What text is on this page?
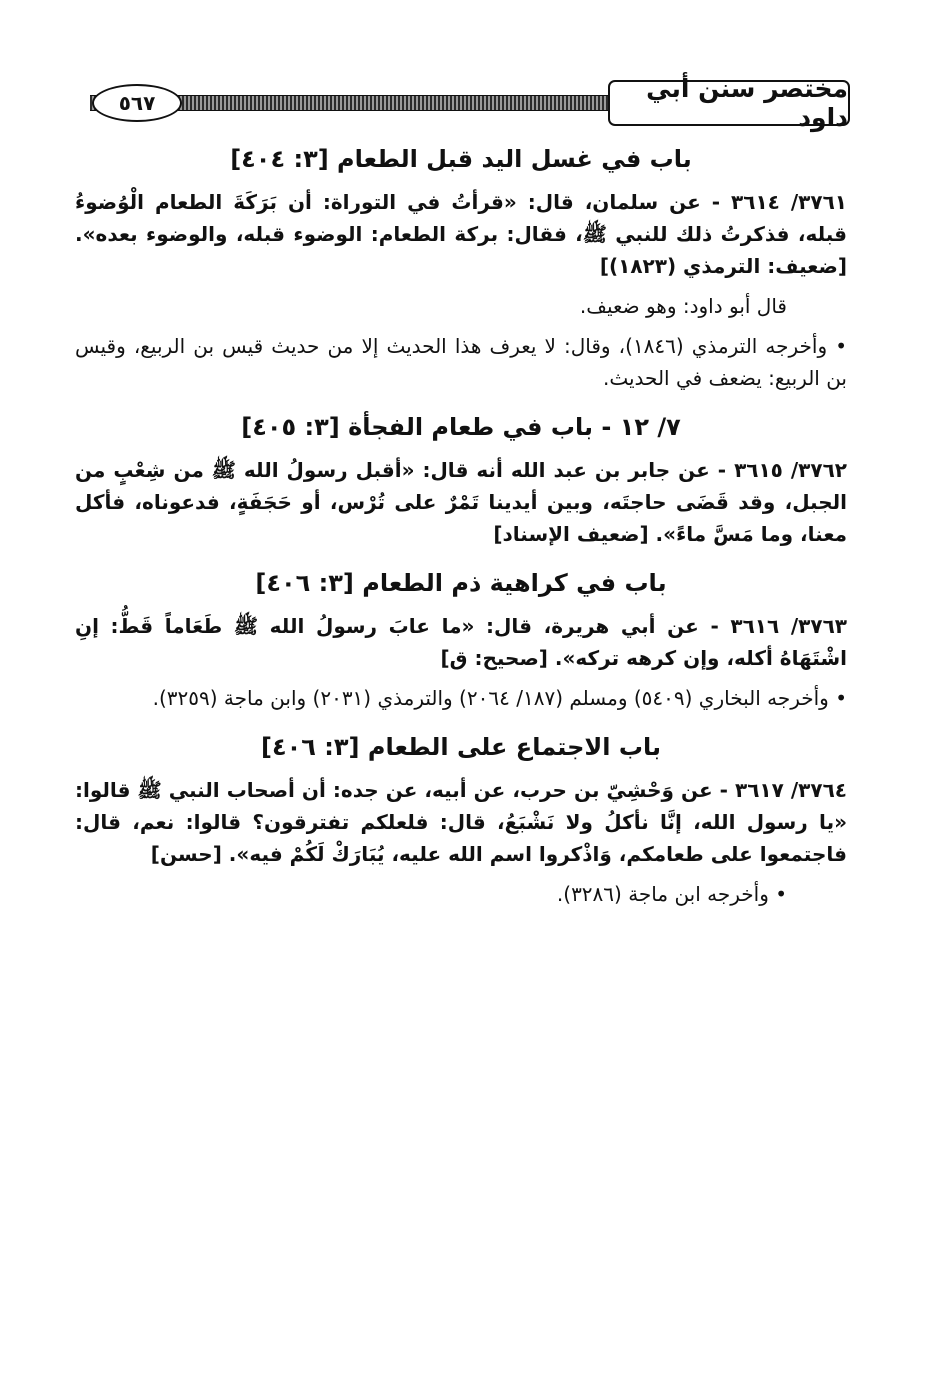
٥٦٧	مختصر سنن أبي داود
باب في غسل اليد قبل الطعام [٣: ٤٠٤]

٣٧٦١/ ٣٦١٤ - عن سلمان، قال: «قرأتُ في التوراة: أن بَرَكَةَ الطعام الْوُضوءُ قبله، فذكرتُ ذلك للنبي ﷺ، فقال: بركة الطعام: الوضوء قبله، والوضوء بعده». [ضعيف: الترمذي (١٨٢٣)]

قال أبو داود: وهو ضعيف.

• وأخرجه الترمذي (١٨٤٦)، وقال: لا يعرف هذا الحديث إلا من حديث قيس بن الربيع، وقيس بن الربيع: يضعف في الحديث.

٧/ ١٢ - باب في طعام الفجأة [٣: ٤٠٥]

٣٧٦٢/ ٣٦١٥ - عن جابر بن عبد الله أنه قال: «أقبل رسولُ الله ﷺ من شِعْبٍ من الجبل، وقد قَضَى حاجتَه، وبين أيدينا تَمْرٌ على تُرْس، أو حَجَفَةٍ، فدعوناه، فأكل معنا، وما مَسَّ ماءً». [ضعيف الإسناد]

باب في كراهية ذم الطعام [٣: ٤٠٦]

٣٧٦٣/ ٣٦١٦ - عن أبي هريرة، قال: «ما عابَ رسولُ الله ﷺ طَعَاماً قَطُّ: إنِ اشْتَهَاهُ أكله، وإن كرهه تركه». [صحيح: ق]

• وأخرجه البخاري (٥٤٠٩) ومسلم (١٨٧/ ٢٠٦٤) والترمذي (٢٠٣١) وابن ماجة (٣٢٥٩).

باب الاجتماع على الطعام [٣: ٤٠٦]

٣٧٦٤/ ٣٦١٧ - عن وَحْشِيّ بن حرب، عن أبيه، عن جده: أن أصحاب النبي ﷺ قالوا: «يا رسول الله، إنَّا نأكلُ ولا نَشْبَعُ، قال: فلعلكم تفترقون؟ قالوا: نعم، قال: فاجتمعوا على طعامكم، وَاذْكروا اسم الله عليه، يُبَارَكْ لَكُمْ فيه». [حسن]

• وأخرجه ابن ماجة (٣٢٨٦).
